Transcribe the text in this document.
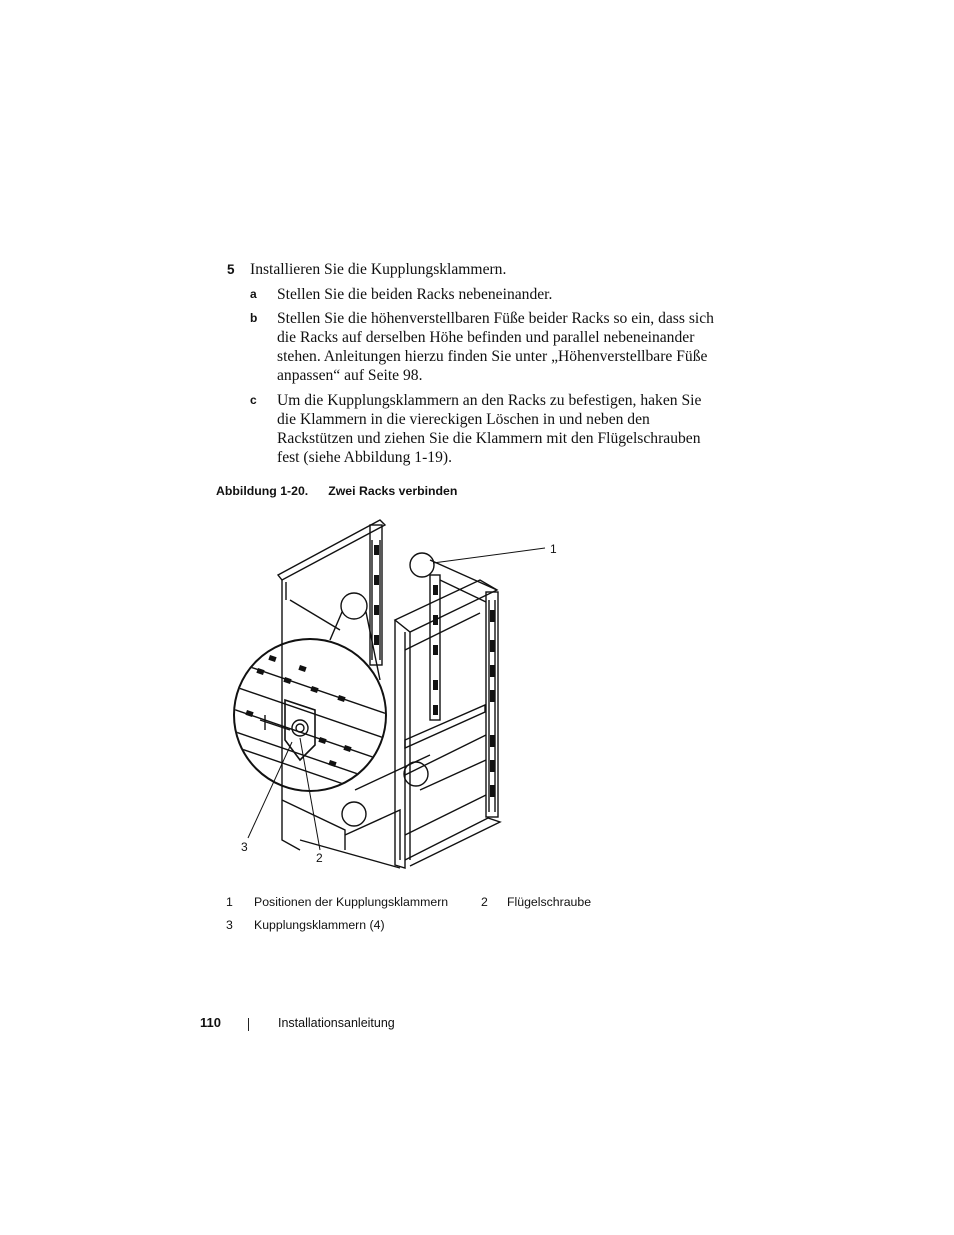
5 Installieren Sie die Kupplungsklammern.
a Stellen Sie die beiden Racks nebeneinander.
b Stellen Sie die höhenverstellbaren Füße beider Racks so ein, dass sich die Racks auf derselben Höhe befinden und parallel nebeneinander stehen. Anleitungen hierzu finden Sie unter „Höhenverstellbare Füße anpassen“ auf Seite 98.
c Um die Kupplungsklammern an den Racks zu befestigen, haken Sie die Klammern in die viereckigen Löschen in und neben den Rackstützen und ziehen Sie die Klammern mit den Flügelschrauben fest (siehe Abbildung 1-19).
Abbildung 1-20. Zwei Racks verbinden
1
3
2
1 Positionen der Kupplungsklammern	2 Flügelschraube
3 Kupplungsklammern (4)
110	Installationsanleitung
